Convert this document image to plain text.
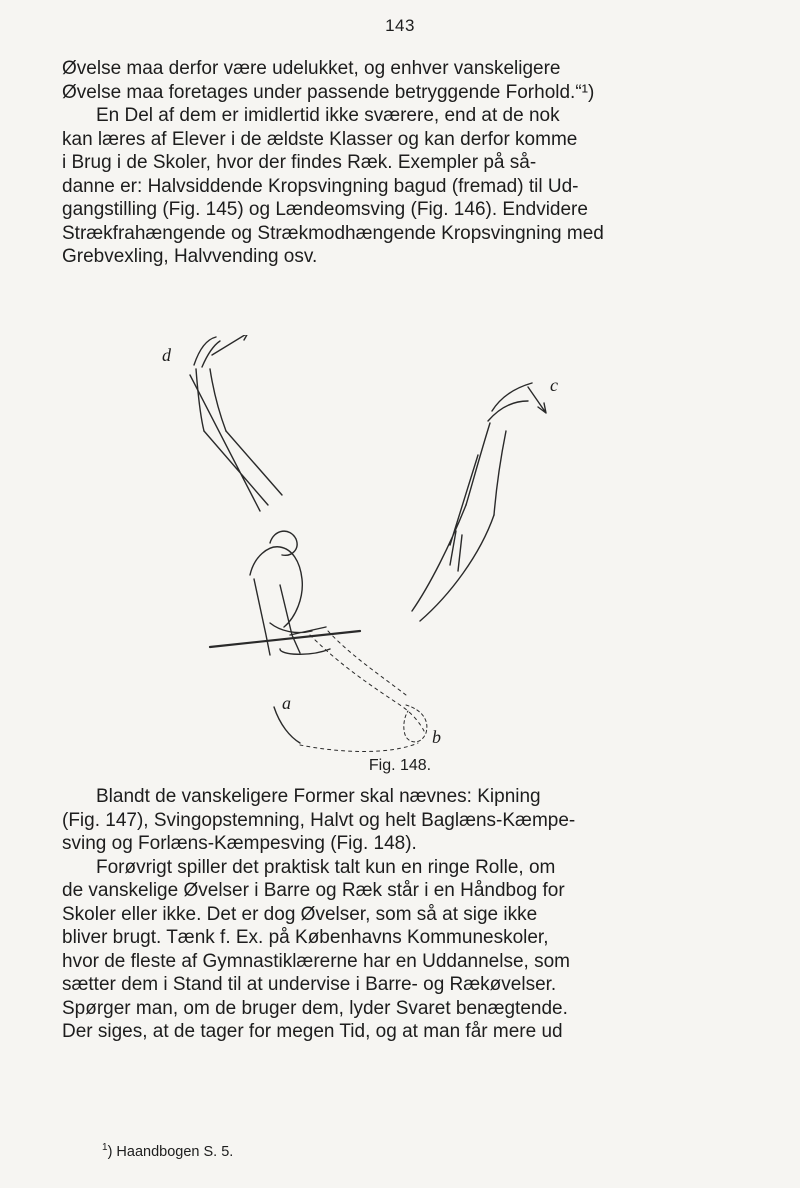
143
Øvelse maa derfor være udelukket, og enhver vanskeligere
Øvelse maa foretages under passende betryggende Forhold.“¹)
En Del af dem er imidlertid ikke sværere, end at de nok
kan læres af Elever i de ældste Klasser og kan derfor komme
i Brug i de Skoler, hvor der findes Ræk. Exempler på så-
danne er: Halvsiddende Kropsvingning bagud (fremad) til Ud-
gangstilling (Fig. 145) og Lændeomsving (Fig. 146). Endvidere
Strækfrahængende og Strækmodhængende Kropsvingning med
Grebvexling, Halvvending osv.
d
c
a
b
Fig. 148.
Blandt de vanskeligere Former skal nævnes: Kipning
(Fig. 147), Svingopstemning, Halvt og helt Baglæns-Kæmpe-
sving og Forlæns-Kæmpesving (Fig. 148).
Forøvrigt spiller det praktisk talt kun en ringe Rolle, om
de vanskelige Øvelser i Barre og Ræk står i en Håndbog for
Skoler eller ikke. Det er dog Øvelser, som så at sige ikke
bliver brugt. Tænk f. Ex. på Københavns Kommuneskoler,
hvor de fleste af Gymnastiklærerne har en Uddannelse, som
sætter dem i Stand til at undervise i Barre- og Rækøvelser.
Spørger man, om de bruger dem, lyder Svaret benægtende.
Der siges, at de tager for megen Tid, og at man får mere ud
$^1$) Haandbogen S. 5.
